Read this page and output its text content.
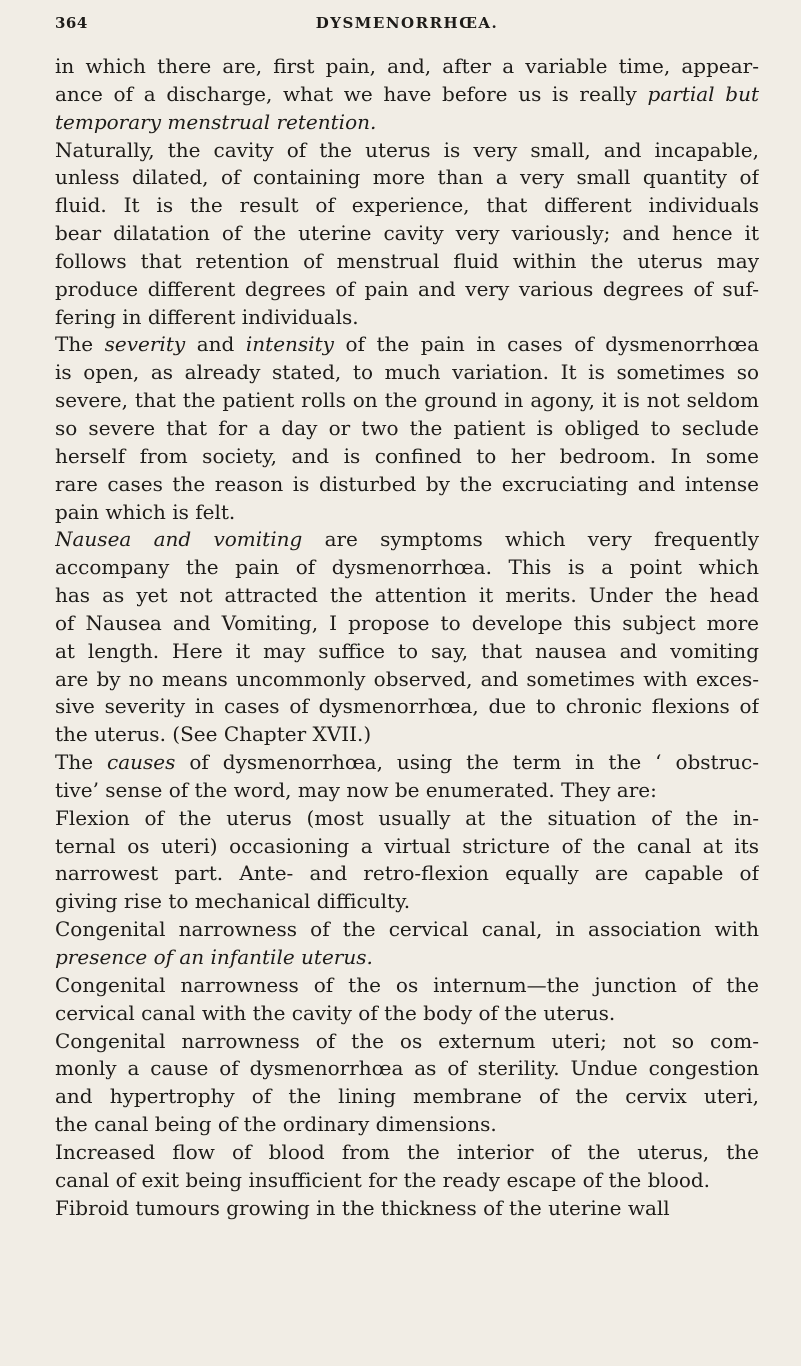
364	DYSMENORRHŒA.
in which there are, first pain, and, after a variable time, appear-
ance of a discharge, what we have before us is really partial but
temporary menstrual retention.
Naturally, the cavity of the uterus is very small, and incapable,
unless dilated, of containing more than a very small quantity of
fluid. It is the result of experience, that different individuals
bear dilatation of the uterine cavity very variously; and hence it
follows that retention of menstrual fluid within the uterus may
produce different degrees of pain and very various degrees of suf-
fering in different individuals.
The severity and intensity of the pain in cases of dysmenorrhœa
is open, as already stated, to much variation. It is sometimes so
severe, that the patient rolls on the ground in agony, it is not seldom
so severe that for a day or two the patient is obliged to seclude
herself from society, and is confined to her bedroom. In some
rare cases the reason is disturbed by the excruciating and intense
pain which is felt.
Nausea and vomiting are symptoms which very frequently
accompany the pain of dysmenorrhœa. This is a point which
has as yet not attracted the attention it merits. Under the head
of Nausea and Vomiting, I propose to develope this subject more
at length. Here it may suffice to say, that nausea and vomiting
are by no means uncommonly observed, and sometimes with exces-
sive severity in cases of dysmenorrhœa, due to chronic flexions of
the uterus. (See Chapter XVII.)
The causes of dysmenorrhœa, using the term in the ‘ obstruc-
tive’ sense of the word, may now be enumerated. They are:
Flexion of the uterus (most usually at the situation of the in-
ternal os uteri) occasioning a virtual stricture of the canal at its
narrowest part. Ante- and retro-flexion equally are capable of
giving rise to mechanical difficulty.
Congenital narrowness of the cervical canal, in association with
presence of an infantile uterus.
Congenital narrowness of the os internum—the junction of the
cervical canal with the cavity of the body of the uterus.
Congenital narrowness of the os externum uteri; not so com-
monly a cause of dysmenorrhœa as of sterility. Undue congestion
and hypertrophy of the lining membrane of the cervix uteri,
the canal being of the ordinary dimensions.
Increased flow of blood from the interior of the uterus, the
canal of exit being insufficient for the ready escape of the blood.
Fibroid tumours growing in the thickness of the uterine wall
